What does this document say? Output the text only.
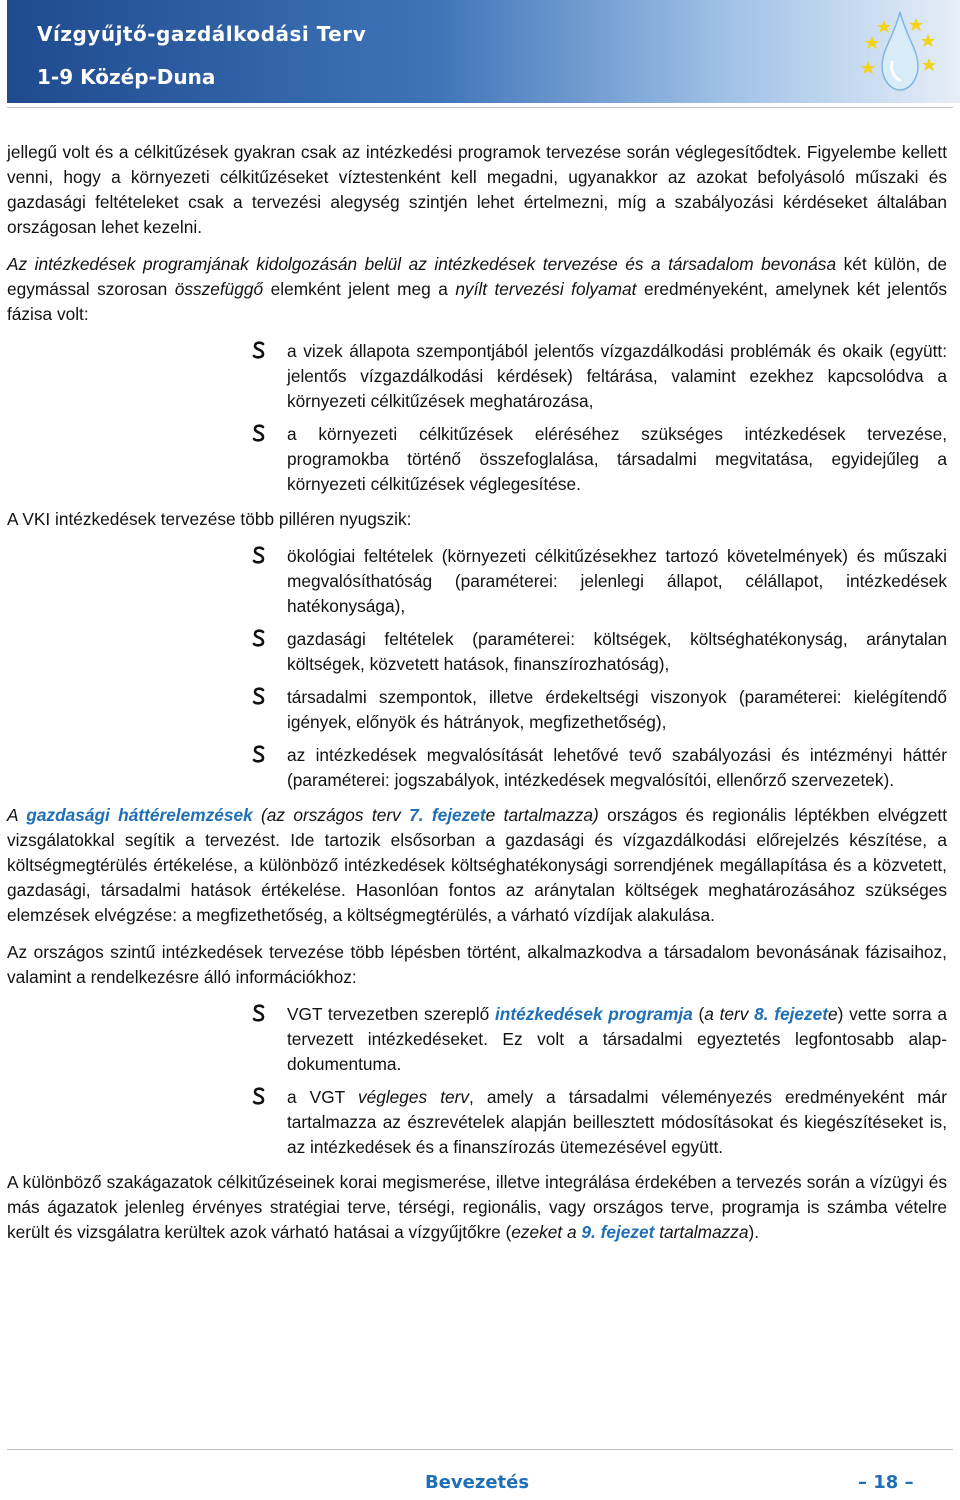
Vízgyűjtő-gazdálkodási Terv
1-9 Közép-Duna

jellegű volt és a célkitűzések gyakran csak az intézkedési programok tervezése során véglegesítődtek. Figyelembe kellett venni, hogy a környezeti célkitűzéseket víztestenként kell megadni, ugyanakkor az azokat befolyásoló műszaki és gazdasági feltételeket csak a tervezési alegység szintjén lehet értelmezni, míg a szabályozási kérdéseket általában országosan lehet kezelni.

Az intézkedések programjának kidolgozásán belül az intézkedések tervezése és a társadalom bevonása két külön, de egymással szorosan összefüggő elemként jelent meg a nyílt tervezési folyamat eredményeként, amelynek két jelentős fázisa volt:

a vizek állapota szempontjából jelentős vízgazdálkodási problémák és okaik (együtt: jelentős vízgazdálkodási kérdések) feltárása, valamint ezekhez kapcsolódva a környezeti célkitűzések meghatározása,
a környezeti célkitűzések eléréséhez szükséges intézkedések tervezése, programokba történő összefoglalása, társadalmi megvitatása, egyidejűleg a környezeti célkitűzések véglegesítése.

A VKI intézkedések tervezése több pilléren nyugszik:

ökológiai feltételek (környezeti célkitűzésekhez tartozó követelmények) és műszaki megvalósíthatóság (paraméterei: jelenlegi állapot, célállapot, intézkedések hatékonysága),
gazdasági feltételek (paraméterei: költségek, költséghatékonyság, aránytalan költségek, közvetett hatások, finanszírozhatóság),
társadalmi szempontok, illetve érdekeltségi viszonyok (paraméterei: kielégítendő igények, előnyök és hátrányok, megfizethetőség),
az intézkedések megvalósítását lehetővé tevő szabályozási és intézményi háttér (paraméterei: jogszabályok, intézkedések megvalósítói, ellenőrző szervezetek).

A gazdasági háttérelemzések (az országos terv 7. fejezete tartalmazza) országos és regionális léptékben elvégzett vizsgálatokkal segítik a tervezést. Ide tartozik elsősorban a gazdasági és vízgazdálkodási előrejelzés készítése, a költségmegtérülés értékelése, a különböző intézkedések költséghatékonysági sorrendjének megállapítása és a közvetett, gazdasági, társadalmi hatások értékelése. Hasonlóan fontos az aránytalan költségek meghatározásához szükséges elemzések elvégzése: a megfizethetőség, a költségmegtérülés, a várható vízdíjak alakulása.

Az országos szintű intézkedések tervezése több lépésben történt, alkalmazkodva a társadalom bevonásának fázisaihoz, valamint a rendelkezésre álló információkhoz:

VGT tervezetben szereplő intézkedések programja (a terv 8. fejezete) vette sorra a tervezett intézkedéseket. Ez volt a társadalmi egyeztetés legfontosabb alap-dokumentuma.
a VGT végleges terv, amely a társadalmi véleményezés eredményeként már tartalmazza az észrevételek alapján beillesztett módosításokat és kiegészítéseket is, az intézkedések és a finanszírozás ütemezésével együtt.

A különböző szakágazatok célkitűzéseinek korai megismerése, illetve integrálása érdekében a tervezés során a vízügyi és más ágazatok jelenleg érvényes stratégiai terve, térségi, regionális, vagy országos terve, programja is számba vételre került és vizsgálatra kerültek azok várható hatásai a vízgyűjtőkre (ezeket a 9. fejezet tartalmazza).

Bevezetés	– 18 –
